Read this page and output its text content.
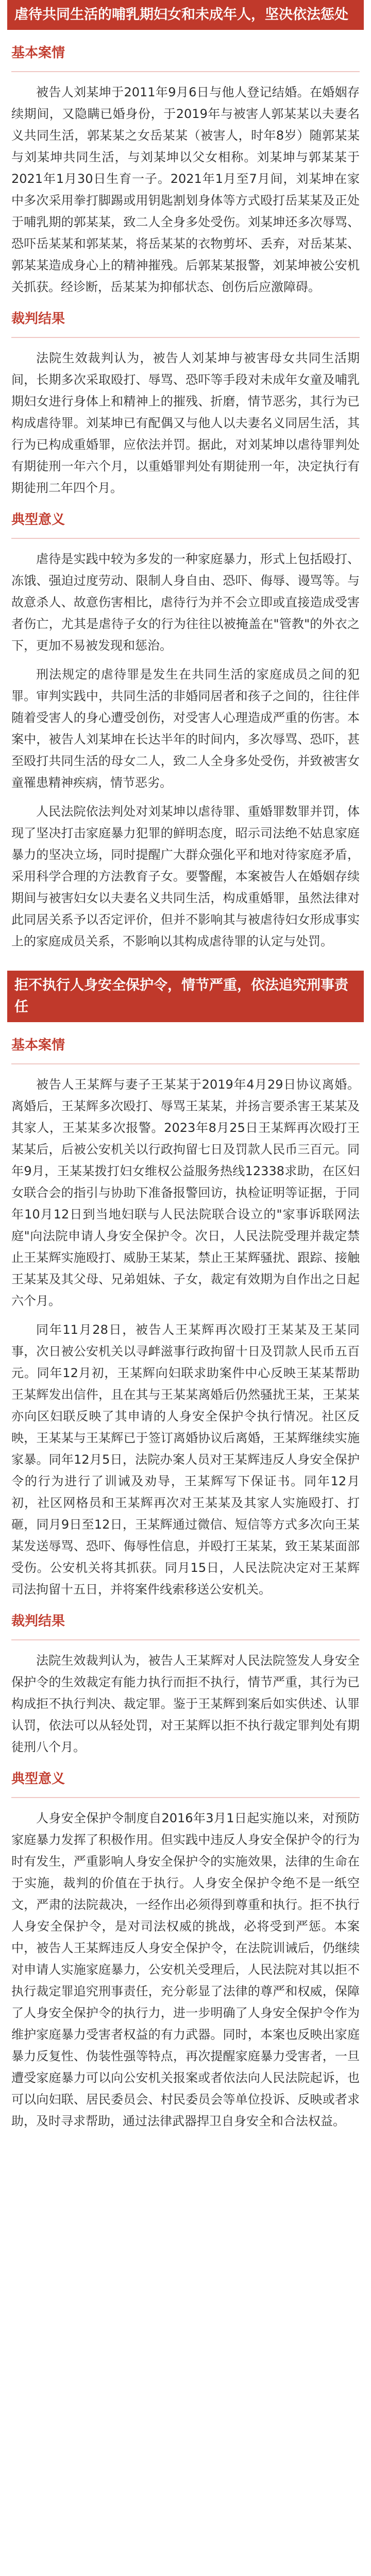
虐待共同生活的哺乳期妇女和未成年人，坚决依法惩处
基本案情

被告人刘某坤于2011年9月6日与他人登记结婚。在婚姻存续期间，又隐瞒已婚身份，于2019年与被害人郭某某以夫妻名义共同生活，郭某某之女岳某某（被害人，时年8岁）随郭某某与刘某坤共同生活，与刘某坤以父女相称。刘某坤与郭某某于2021年1月30日生育一子。2021年1月至7月间，刘某坤在家中多次采用拳打脚踢或用钥匙割划身体等方式殴打岳某某及正处于哺乳期的郭某某，致二人全身多处受伤。刘某坤还多次辱骂、恐吓岳某某和郭某某，将岳某某的衣物剪坏、丢弃，对岳某某、郭某某造成身心上的精神摧残。后郭某某报警，刘某坤被公安机关抓获。经诊断，岳某某为抑郁状态、创伤后应激障碍。

裁判结果

法院生效裁判认为，被告人刘某坤与被害母女共同生活期间，长期多次采取殴打、辱骂、恐吓等手段对未成年女童及哺乳期妇女进行身体上和精神上的摧残、折磨，情节恶劣，其行为已构成虐待罪。刘某坤已有配偶又与他人以夫妻名义同居生活，其行为已构成重婚罪，应依法并罚。据此，对刘某坤以虐待罪判处有期徒刑一年六个月，以重婚罪判处有期徒刑一年，决定执行有期徒刑二年四个月。

典型意义

虐待是实践中较为多发的一种家庭暴力，形式上包括殴打、冻饿、强迫过度劳动、限制人身自由、恐吓、侮辱、谩骂等。与故意杀人、故意伤害相比，虐待行为并不会立即或直接造成受害者伤亡，尤其是虐待子女的行为往往以被掩盖在"管教"的外衣之下，更加不易被发现和惩治。

刑法规定的虐待罪是发生在共同生活的家庭成员之间的犯罪。审判实践中，共同生活的非婚同居者和孩子之间的，往往伴随着受害人的身心遭受创伤，对受害人心理造成严重的伤害。本案中，被告人刘某坤在长达半年的时间内，多次辱骂、恐吓，甚至殴打共同生活的母女二人，致二人全身多处受伤，并致被害女童罹患精神疾病，情节恶劣。

人民法院依法判处对刘某坤以虐待罪、重婚罪数罪并罚，体现了坚决打击家庭暴力犯罪的鲜明态度，昭示司法绝不姑息家庭暴力的坚决立场，同时提醒广大群众强化平和地对待家庭矛盾，采用科学合理的方法教育子女。要警醒，本案被告人在婚姻存续期间与被害妇女以夫妻名义共同生活，构成重婚罪，虽然法律对此同居关系予以否定评价，但并不影响其与被虐待妇女形成事实上的家庭成员关系，不影响以其构成虐待罪的认定与处罚。

拒不执行人身安全保护令，情节严重，依法追究刑事责任
基本案情

被告人王某辉与妻子王某某于2019年4月29日协议离婚。离婚后，王某辉多次殴打、辱骂王某某，并扬言要杀害王某某及其家人，王某某多次报警。2023年8月25日王某辉再次殴打王某某后，后被公安机关以行政拘留七日及罚款人民币三百元。同年9月，王某某拨打妇女维权公益服务热线12338求助，在区妇女联合会的指引与协助下准备报警回访，执检证明等证据，于同年10月12日到当地妇联与人民法院联合设立的"家事诉联网法庭"向法院申请人身安全保护令。次日，人民法院受理并裁定禁止王某辉实施殴打、威胁王某某，禁止王某辉骚扰、跟踪、接触王某某及其父母、兄弟姐妹、子女，裁定有效期为自作出之日起六个月。

同年11月28日，被告人王某辉再次殴打王某某及王某同事，次日被公安机关以寻衅滋事行政拘留十日及罚款人民币五百元。同年12月初，王某辉向妇联求助案件中心反映王某某帮助王某辉发出信件，且在其与王某某离婚后仍然骚扰王某，王某某亦向区妇联反映了其申请的人身安全保护令执行情况。社区反映，王某某与王某辉已于签订离婚协议后离婚，王某辉继续实施家暴。同年12月5日，法院办案人员对王某辉违反人身安全保护令的行为进行了训诫及劝导，王某辉写下保证书。同年12月初，社区网格员和王某辉再次对王某某及其家人实施殴打、打砸，同月9日至12日，王某辉通过微信、短信等方式多次向王某某发送辱骂、恐吓、侮辱性信息，并殴打王某某，致王某某面部受伤。公安机关将其抓获。同月15日，人民法院决定对王某辉司法拘留十五日，并将案件线索移送公安机关。

裁判结果

法院生效裁判认为，被告人王某辉对人民法院签发人身安全保护令的生效裁定有能力执行而拒不执行，情节严重，其行为已构成拒不执行判决、裁定罪。鉴于王某辉到案后如实供述、认罪认罚，依法可以从轻处罚，对王某辉以拒不执行裁定罪判处有期徒刑八个月。

典型意义

人身安全保护令制度自2016年3月1日起实施以来，对预防家庭暴力发挥了积极作用。但实践中违反人身安全保护令的行为时有发生，严重影响人身安全保护令的实施效果，法律的生命在于实施，裁判的价值在于执行。人身安全保护令绝不是一纸空文，严肃的法院裁决，一经作出必须得到尊重和执行。拒不执行人身安全保护令，是对司法权威的挑战，必将受到严惩。本案中，被告人王某辉违反人身安全保护令，在法院训诫后，仍继续对申请人实施家庭暴力，公安机关受理后，人民法院对其以拒不执行裁定罪追究刑事责任，充分彰显了法律的尊严和权威，保障了人身安全保护令的执行力，进一步明确了人身安全保护令作为维护家庭暴力受害者权益的有力武器。同时，本案也反映出家庭暴力反复性、伪装性强等特点，再次提醒家庭暴力受害者，一旦遭受家庭暴力可以向公安机关报案或者依法向人民法院起诉，也可以向妇联、居民委员会、村民委员会等单位投诉、反映或者求助，及时寻求帮助，通过法律武器捍卫自身安全和合法权益。
